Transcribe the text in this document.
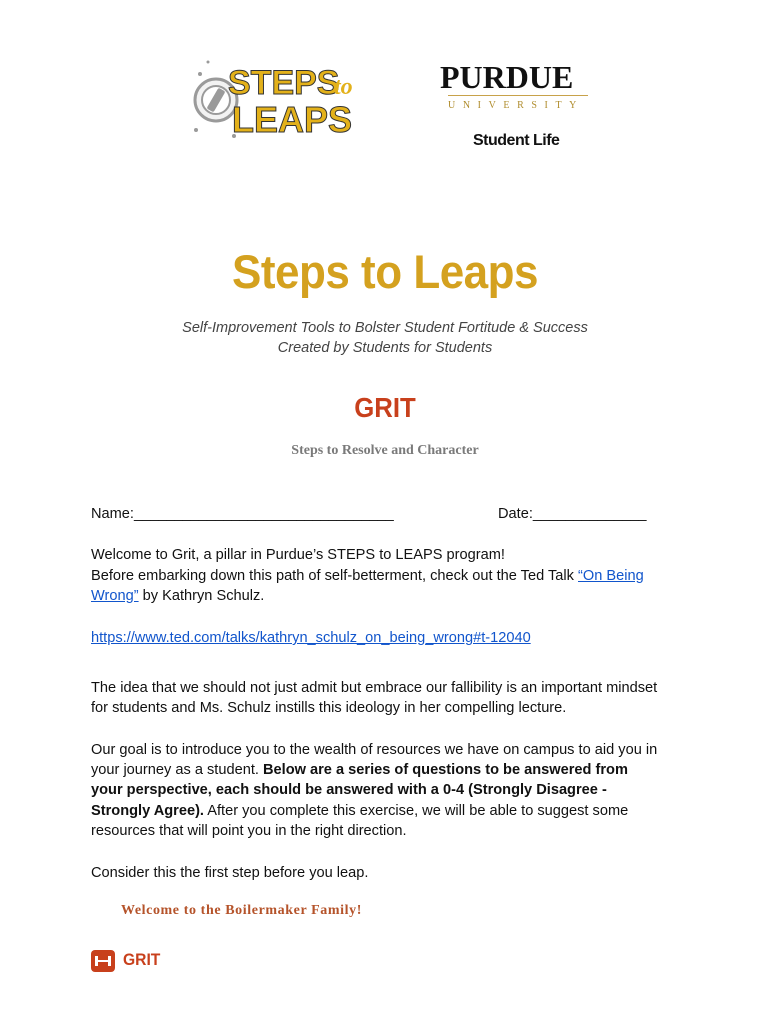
STEPS
to
LEAPS
PURDUE
UNIVERSITY
Student Life
Steps to Leaps
Self-Improvement Tools to Bolster Student Fortitude & Success
Created by Students for Students
GRIT
Steps to Resolve and Character
Name:________________________________	Date:______________
Welcome to Grit, a pillar in Purdue’s STEPS to LEAPS program!
Before embarking down this path of self-betterment, check out the Ted Talk “On Being
Wrong” by Kathryn Schulz.
https://www.ted.com/talks/kathryn_schulz_on_being_wrong#t-12040
The idea that we should not just admit but embrace our fallibility is an important mindset
for students and Ms. Schulz instills this ideology in her compelling lecture.
Our goal is to introduce you to the wealth of resources we have on campus to aid you in
your journey as a student. Below are a series of questions to be answered from
your perspective, each should be answered with a 0-4 (Strongly Disagree -
Strongly Agree). After you complete this exercise, we will be able to suggest some
resources that will point you in the right direction.
Consider this the first step before you leap.
Welcome to the Boilermaker Family!
GRIT
